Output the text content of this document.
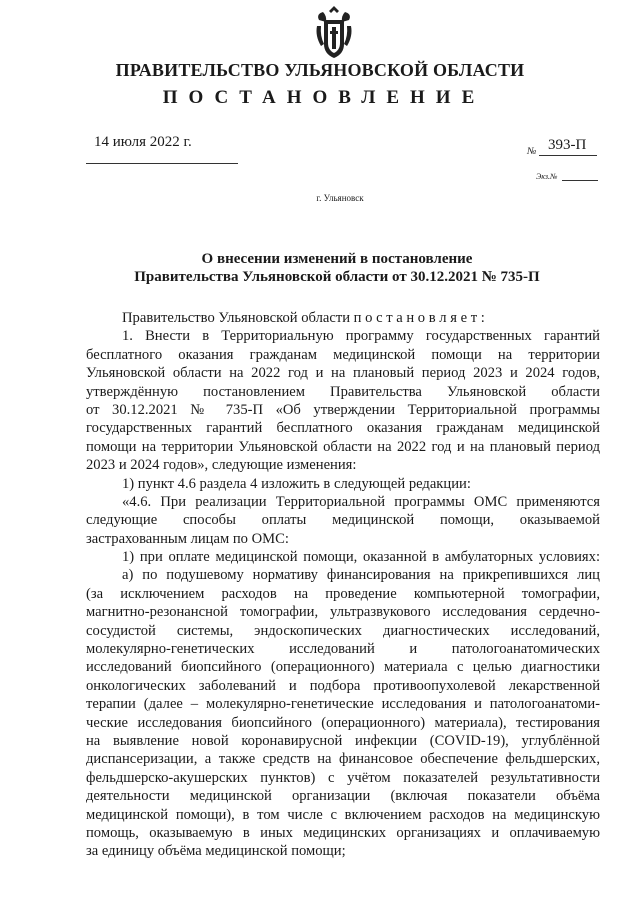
ПРАВИТЕЛЬСТВО УЛЬЯНОВСКОЙ ОБЛАСТИ
ПОСТАНОВЛЕНИЕ
14 июля 2022 г.
№ 393-П
Экз.№
г. Ульяновск
О внесении изменений в постановление
Правительства Ульяновской области от 30.12.2021 № 735-П
Правительство Ульяновской области п о с т а н о в л я е т :
1. Внести в Территориальную программу государственных гарантий
бесплатного оказания гражданам медицинской помощи на территории
Ульяновской области на 2022 год и на плановый период 2023 и 2024 годов,
утверждённую постановлением Правительства Ульяновской области
от 30.12.2021 № 735-П «Об утверждении Территориальной программы
государственных гарантий бесплатного оказания гражданам медицинской
помощи на территории Ульяновской области на 2022 год и на плановый период
2023 и 2024 годов», следующие изменения:
1) пункт 4.6 раздела 4 изложить в следующей редакции:
«4.6. При реализации Территориальной программы ОМС применяются
следующие способы оплаты медицинской помощи, оказываемой
застрахованным лицам по ОМС:
1) при оплате медицинской помощи, оказанной в амбулаторных условиях:
а) по подушевому нормативу финансирования на прикрепившихся лиц
(за исключением расходов на проведение компьютерной томографии,
магнитно-резонансной томографии, ультразвукового исследования сердечно-
сосудистой системы, эндоскопических диагностических исследований,
молекулярно-генетических исследований и патологоанатомических
исследований биопсийного (операционного) материала с целью диагностики
онкологических заболеваний и подбора противоопухолевой лекарственной
терапии (далее – молекулярно-генетические исследования и патологоанатоми-
ческие исследования биопсийного (операционного) материала), тестирования
на выявление новой коронавирусной инфекции (COVID-19), углублённой
диспансеризации, а также средств на финансовое обеспечение фельдшерских,
фельдшерско-акушерских пунктов) с учётом показателей результативности
деятельности медицинской организации (включая показатели объёма
медицинской помощи), в том числе с включением расходов на медицинскую
помощь, оказываемую в иных медицинских организациях и оплачиваемую
за единицу объёма медицинской помощи;
